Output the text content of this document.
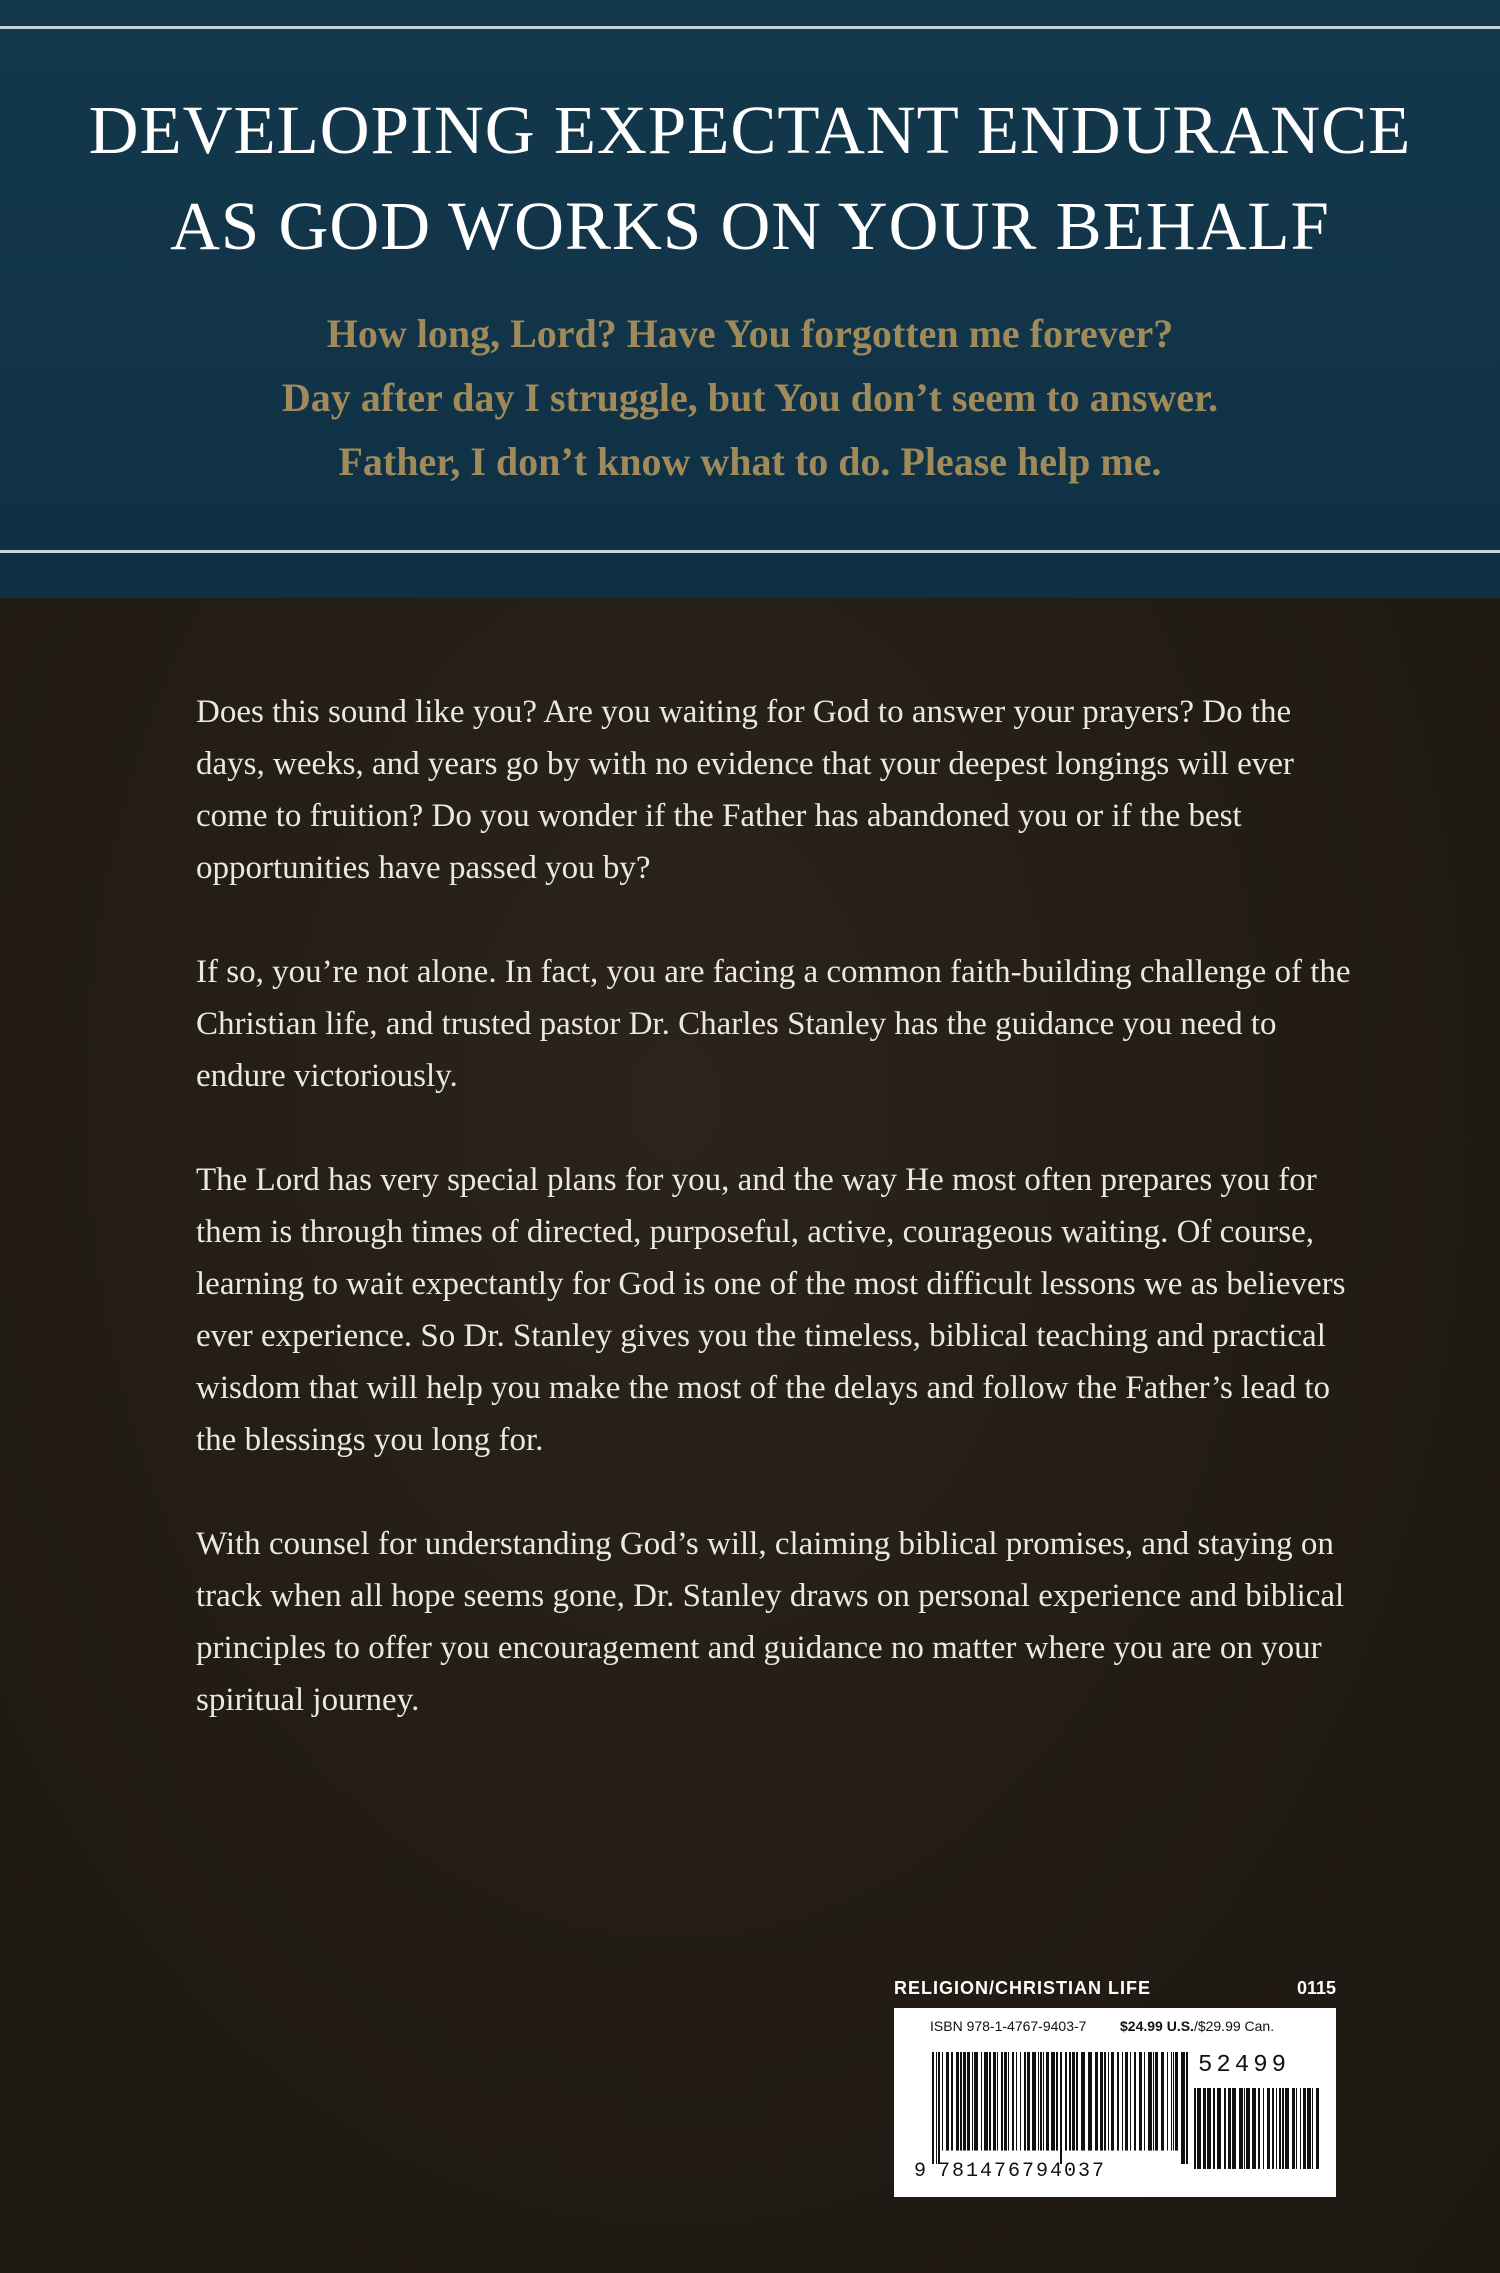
DEVELOPING EXPECTANT ENDURANCE
AS GOD WORKS ON YOUR BEHALF
How long, Lord? Have You forgotten me forever?
Day after day I struggle, but You don’t seem to answer.
Father, I don’t know what to do. Please help me.

Does this sound like you? Are you waiting for God to answer your prayers? Do the days, weeks, and years go by with no evidence that your deepest longings will ever come to fruition? Do you wonder if the Father has abandoned you or if the best opportunities have passed you by?

If so, you’re not alone. In fact, you are facing a common faith-building challenge of the Christian life, and trusted pastor Dr. Charles Stanley has the guidance you need to endure victoriously.

The Lord has very special plans for you, and the way He most often prepares you for them is through times of directed, purposeful, active, courageous waiting. Of course, learning to wait expectantly for God is one of the most difficult lessons we as believers ever experience. So Dr. Stanley gives you the timeless, biblical teaching and practical wisdom that will help you make the most of the delays and follow the Father’s lead to the blessings you long for.

With counsel for understanding God’s will, claiming biblical promises, and staying on track when all hope seems gone, Dr. Stanley draws on personal experience and biblical principles to offer you encouragement and guidance no matter where you are on your spiritual journey.

RELIGION/CHRISTIAN LIFE	0115
ISBN 978-1-4767-9403-7 $24.99 U.S./$29.99 Can.
52499
9 781476794037
